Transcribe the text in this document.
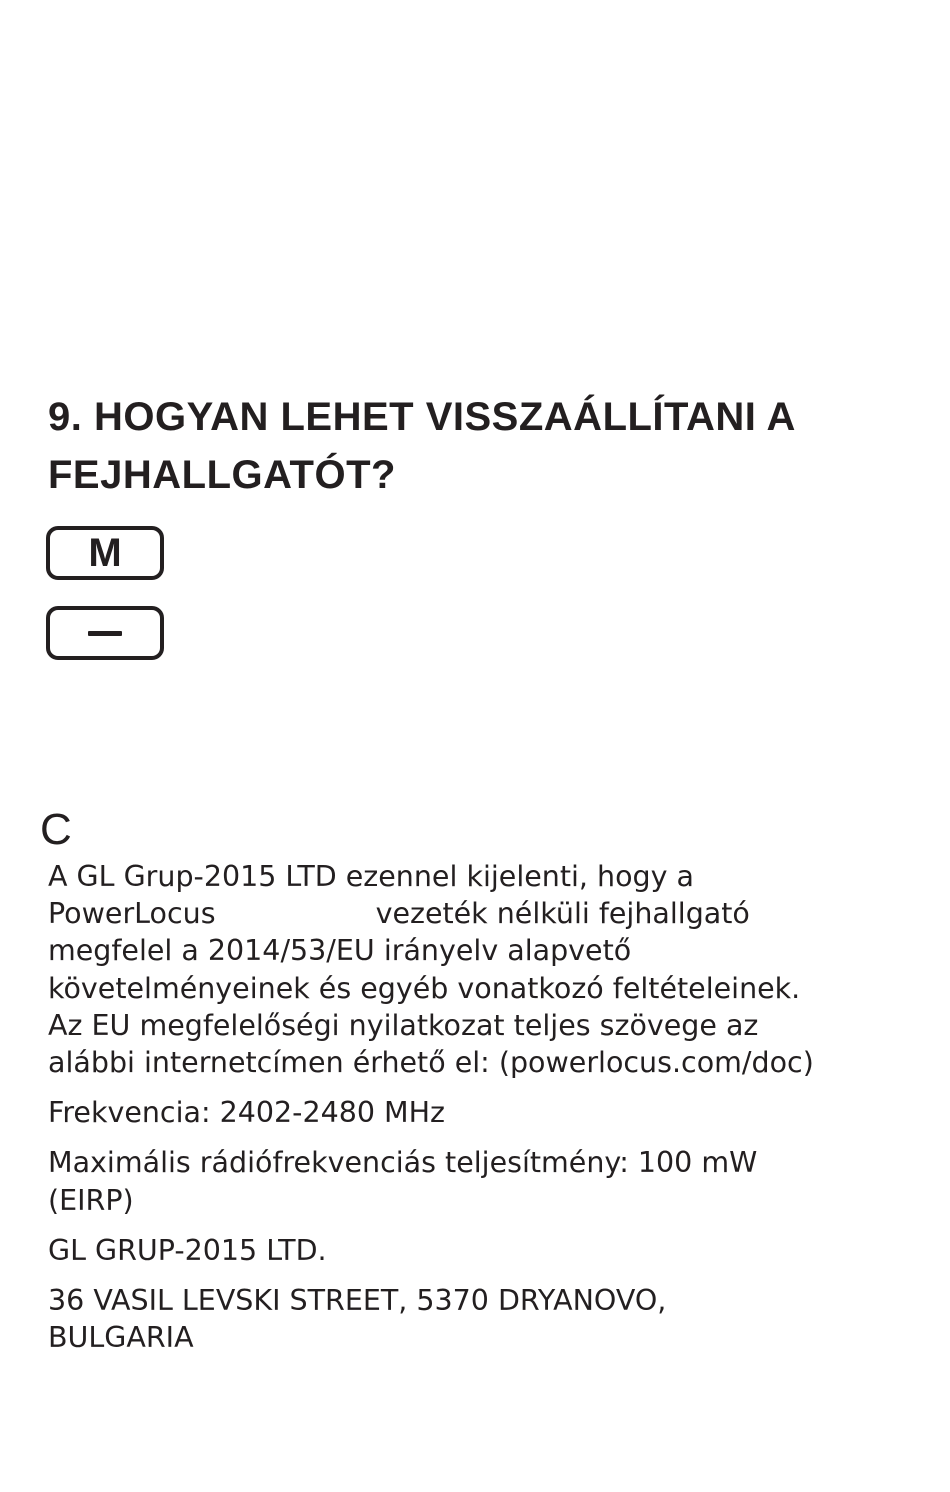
9. HOGYAN LEHET VISSZAÁLLÍTANI A
FEJHALLGATÓT?
M
C

A GL Grup-2015 LTD ezennel kijelenti, hogy a
PowerLocus	vezeték nélküli fejhallgató
megfelel a 2014/53/EU irányelv alapvető
követelményeinek és egyéb vonatkozó feltételeinek.
Az EU megfelelőségi nyilatkozat teljes szövege az
alábbi internetcímen érhető el: (powerlocus.com/doc)

Frekvencia: 2402-2480 MHz

Maximális rádiófrekvenciás teljesítmény: 100 mW
(EIRP)

GL GRUP-2015 LTD.

36 VASIL LEVSKI STREET, 5370 DRYANOVO,
BULGARIA
